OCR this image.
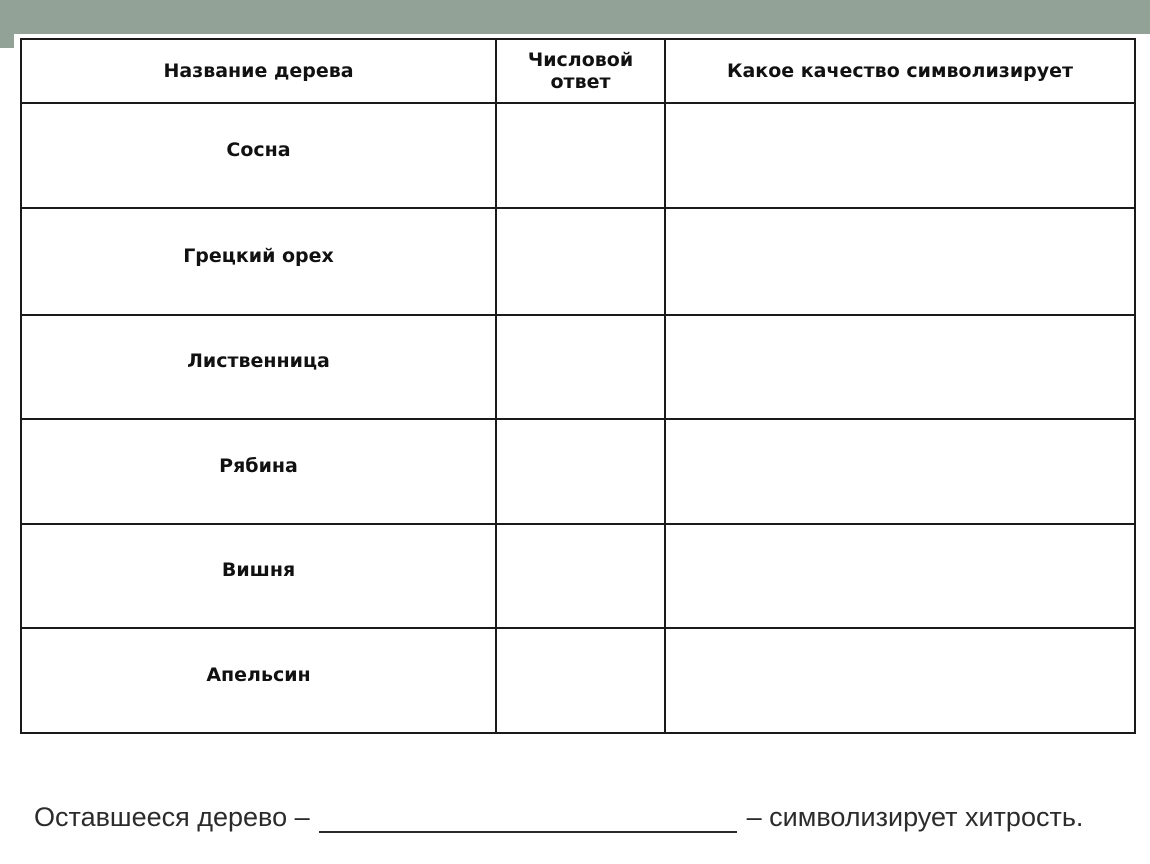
Название дерева	Числовой ответ	Какое качество символизирует
Сосна		
Грецкий орех		
Лиственница		
Рябина		
Вишня		
Апельсин		
Оставшееся дерево –	– символизирует хитрость.
